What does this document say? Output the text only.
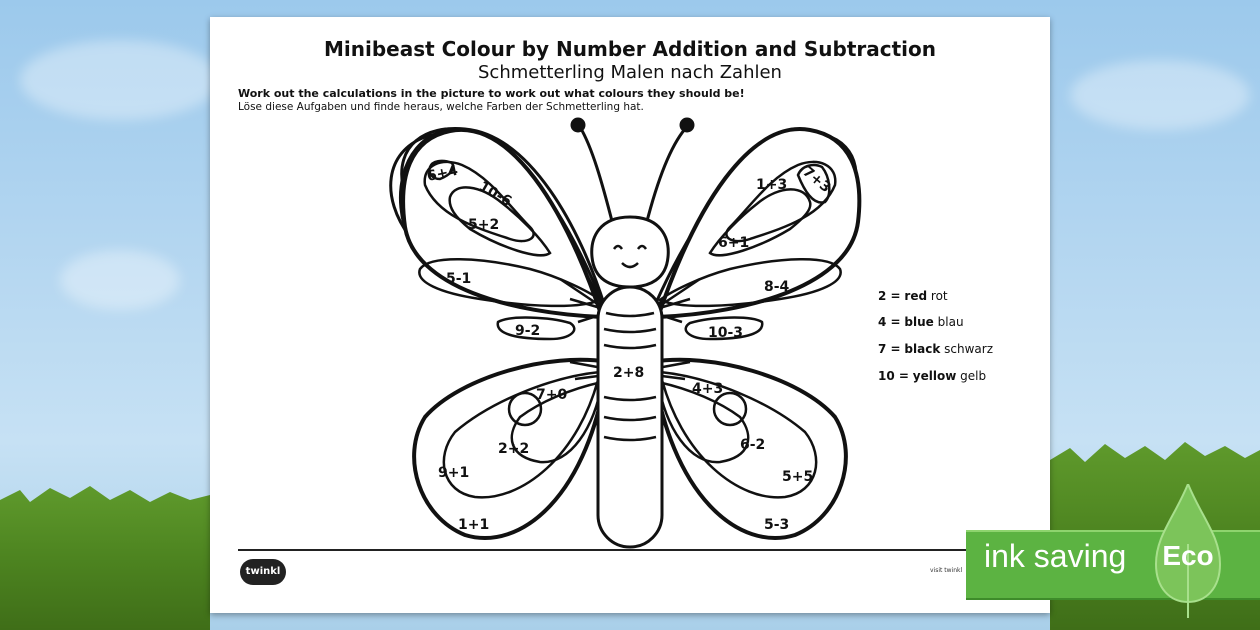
Minibeast Colour by Number Addition and Subtraction
Schmetterling Malen nach Zahlen
Work out the calculations in the picture to work out what colours they should be!
Löse diese Aufgaben und finde heraus, welche Farben der Schmetterling hat.
6+4
10-6
5+2
5-1
9-2
1+3 7+3
6+1
8-4
10-3
2+8
7+0
2+2
9+1
1+1
4+3
6-2
5+5
5-3
2 = red rot
4 = blue blau
7 = black schwarz
10 = yellow gelb
twinkl	visit twinkl ink saving Eco
